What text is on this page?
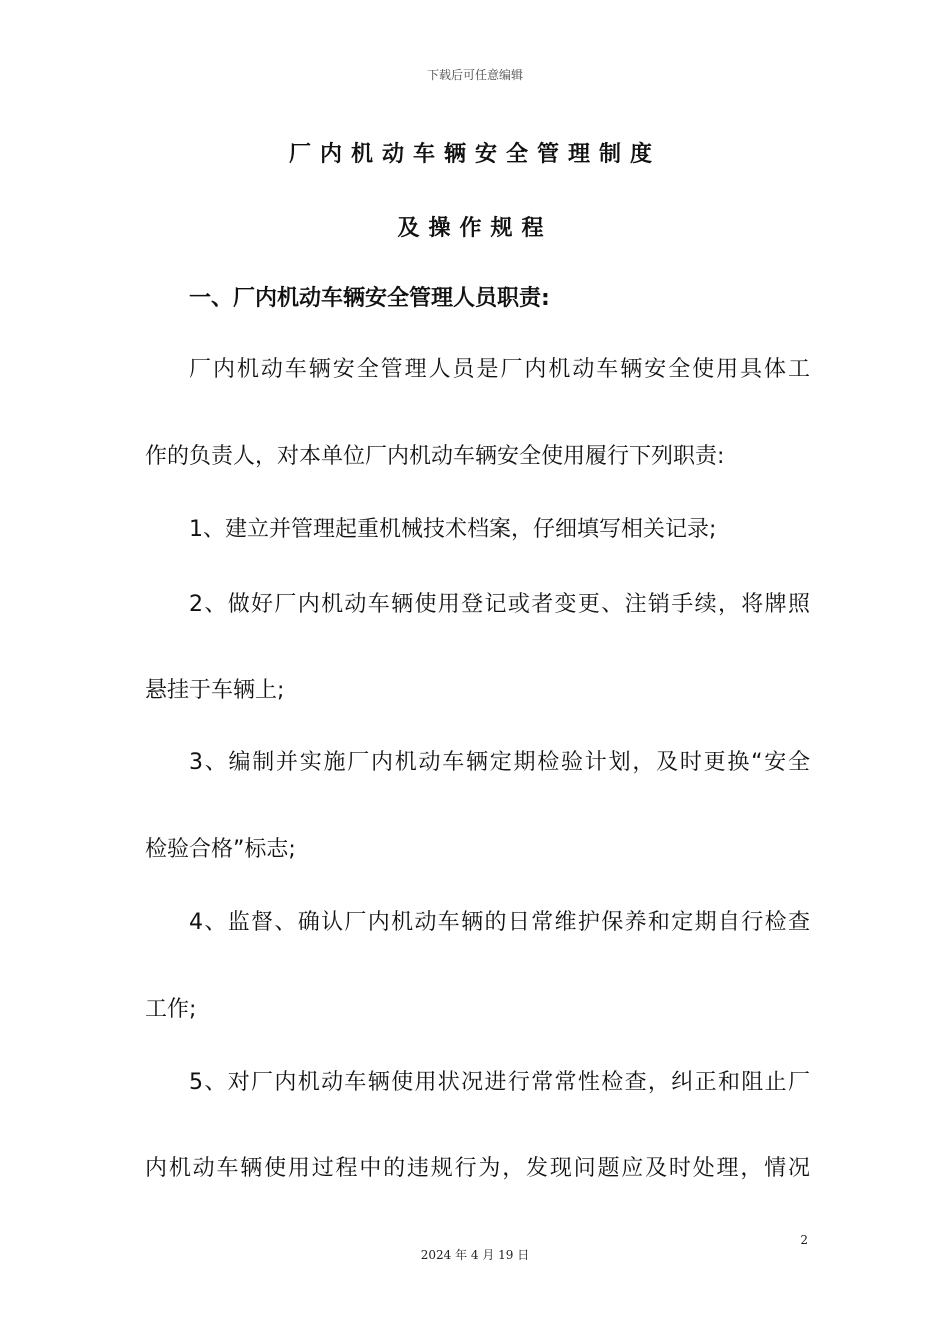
下载后可任意编辑
厂内机动车辆安全管理制度
及操作规程
一、厂内机动车辆安全管理人员职责:
厂内机动车辆安全管理人员是厂内机动车辆安全使用具体工
作的负责人，对本单位厂内机动车辆安全使用履行下列职责:
1、建立并管理起重机械技术档案，仔细填写相关记录;
2、做好厂内机动车辆使用登记或者变更、注销手续，将牌照
悬挂于车辆上;
3、编制并实施厂内机动车辆定期检验计划，及时更换“安全
检验合格”标志;
4、监督、确认厂内机动车辆的日常维护保养和定期自行检查
工作;
5、对厂内机动车辆使用状况进行常常性检查，纠正和阻止厂
内机动车辆使用过程中的违规行为，发现问题应及时处理，情况
2
2024 年 4 月 19 日
